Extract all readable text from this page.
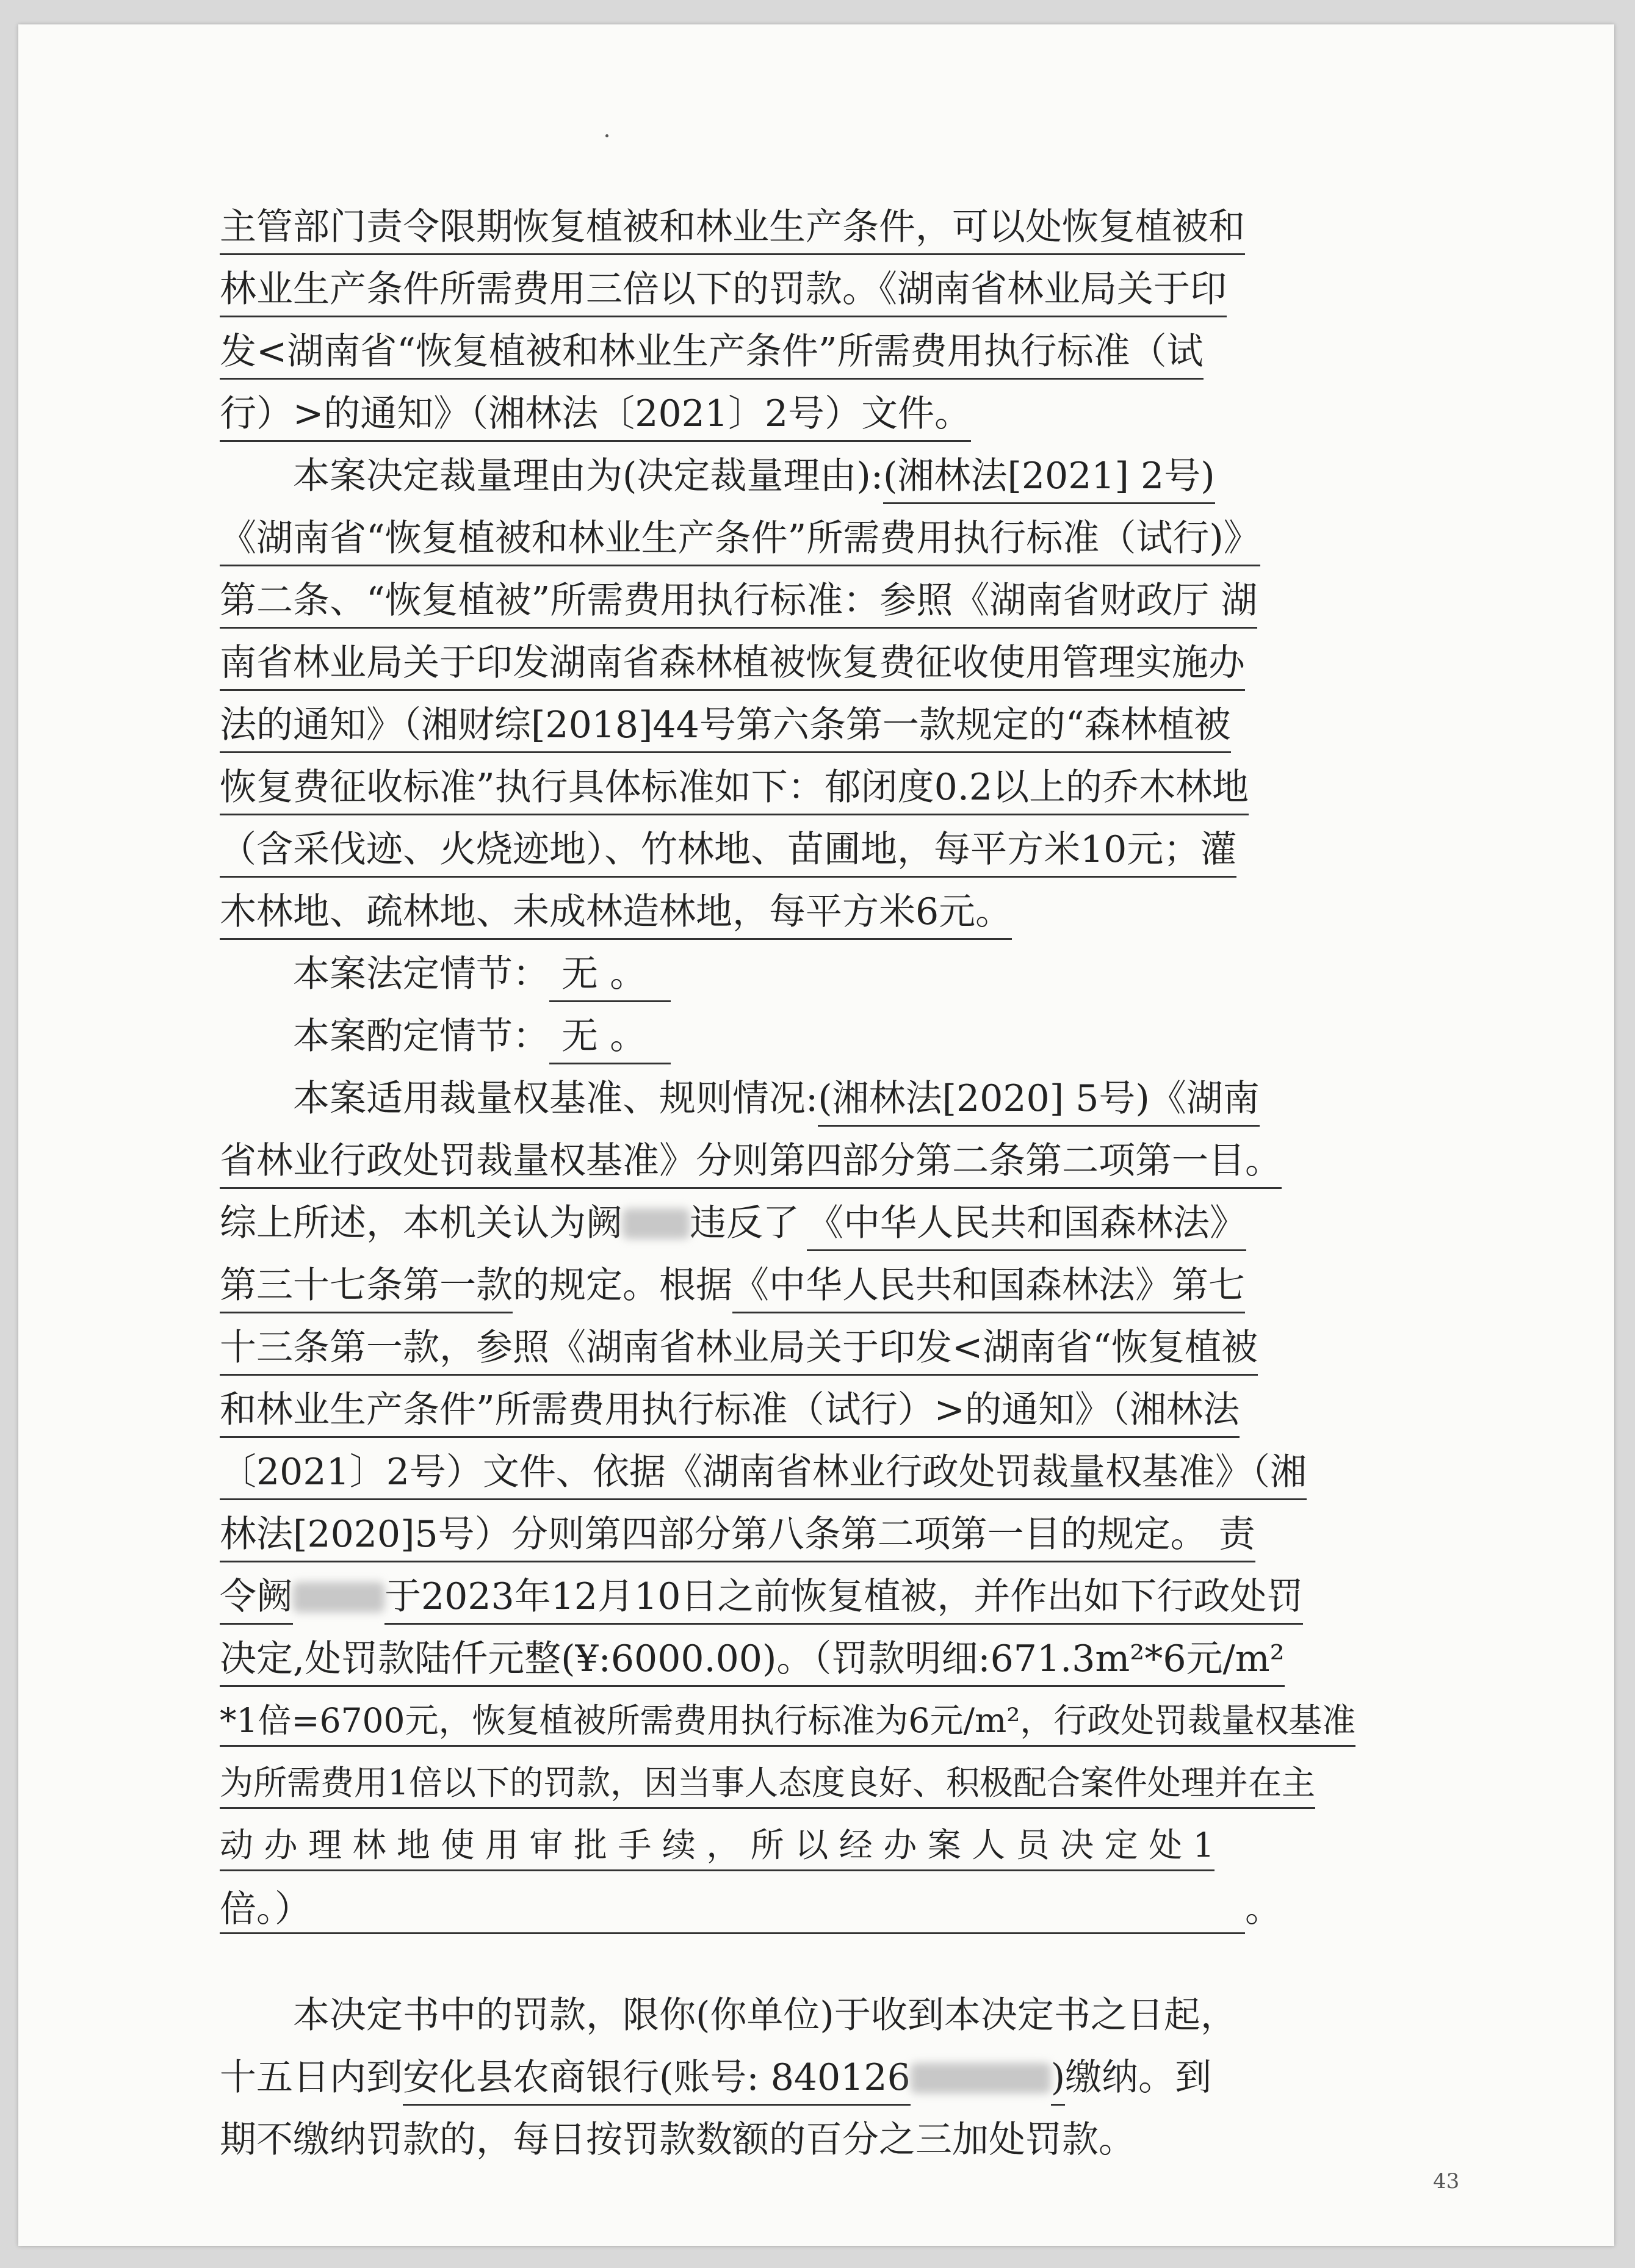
主管部门责令限期恢复植被和林业生产条件，可以处恢复植被和
林业生产条件所需费用三倍以下的罚款。《湖南省林业局关于印
发<湖南省“恢复植被和林业生产条件”所需费用执行标准（试
行）>的通知》（湘林法〔2021〕2号）文件。
本案决定裁量理由为(决定裁量理由):(湘林法[2021] 2号)
《湖南省“恢复植被和林业生产条件”所需费用执行标准（试行)》
第二条、“恢复植被”所需费用执行标准：参照《湖南省财政厅 湖
南省林业局关于印发湖南省森林植被恢复费征收使用管理实施办
法的通知》（湘财综[2018]44号第六条第一款规定的“森林植被
恢复费征收标准”执行具体标准如下：郁闭度0.2以上的乔木林地
（含采伐迹、火烧迹地）、竹林地、苗圃地，每平方米10元；灌
木林地、疏林地、未成林造林地，每平方米6元。
本案法定情节： 无 。
本案酌定情节： 无 。
本案适用裁量权基准、规则情况:(湘林法[2020] 5号)《湖南
省林业行政处罚裁量权基准》分则第四部分第二条第二项第一目。
综上所述，本机关认为阙 违反了 《中华人民共和国森林法》
第三十七条第一款的规定。根据《中华人民共和国森林法》第七
十三条第一款，参照《湖南省林业局关于印发<湖南省“恢复植被
和林业生产条件”所需费用执行标准（试行）>的通知》（湘林法
〔2021〕2号）文件、依据《湖南省林业行政处罚裁量权基准》（湘
林法[2020]5号）分则第四部分第八条第二项第一目的规定。 责
令阙	于2023年12月10日之前恢复植被，并作出如下行政处罚
决定,处罚款陆仟元整(¥:6000.00)。（罚款明细:671.3m²*6元/m²
*1倍=6700元，恢复植被所需费用执行标准为6元/m²，行政处罚裁量权基准
为所需费用1倍以下的罚款，因当事人态度良好、积极配合案件处理并在主
动 办 理 林 地 使 用 审 批 手 续 ， 所 以 经 办 案 人 员 决 定 处 1
倍。）	。
本决定书中的罚款，限你(你单位)于收到本决定书之日起，
十五日内到安化县农商银行(账号: 840126	)缴纳。到
期不缴纳罚款的，每日按罚款数额的百分之三加处罚款。
43
